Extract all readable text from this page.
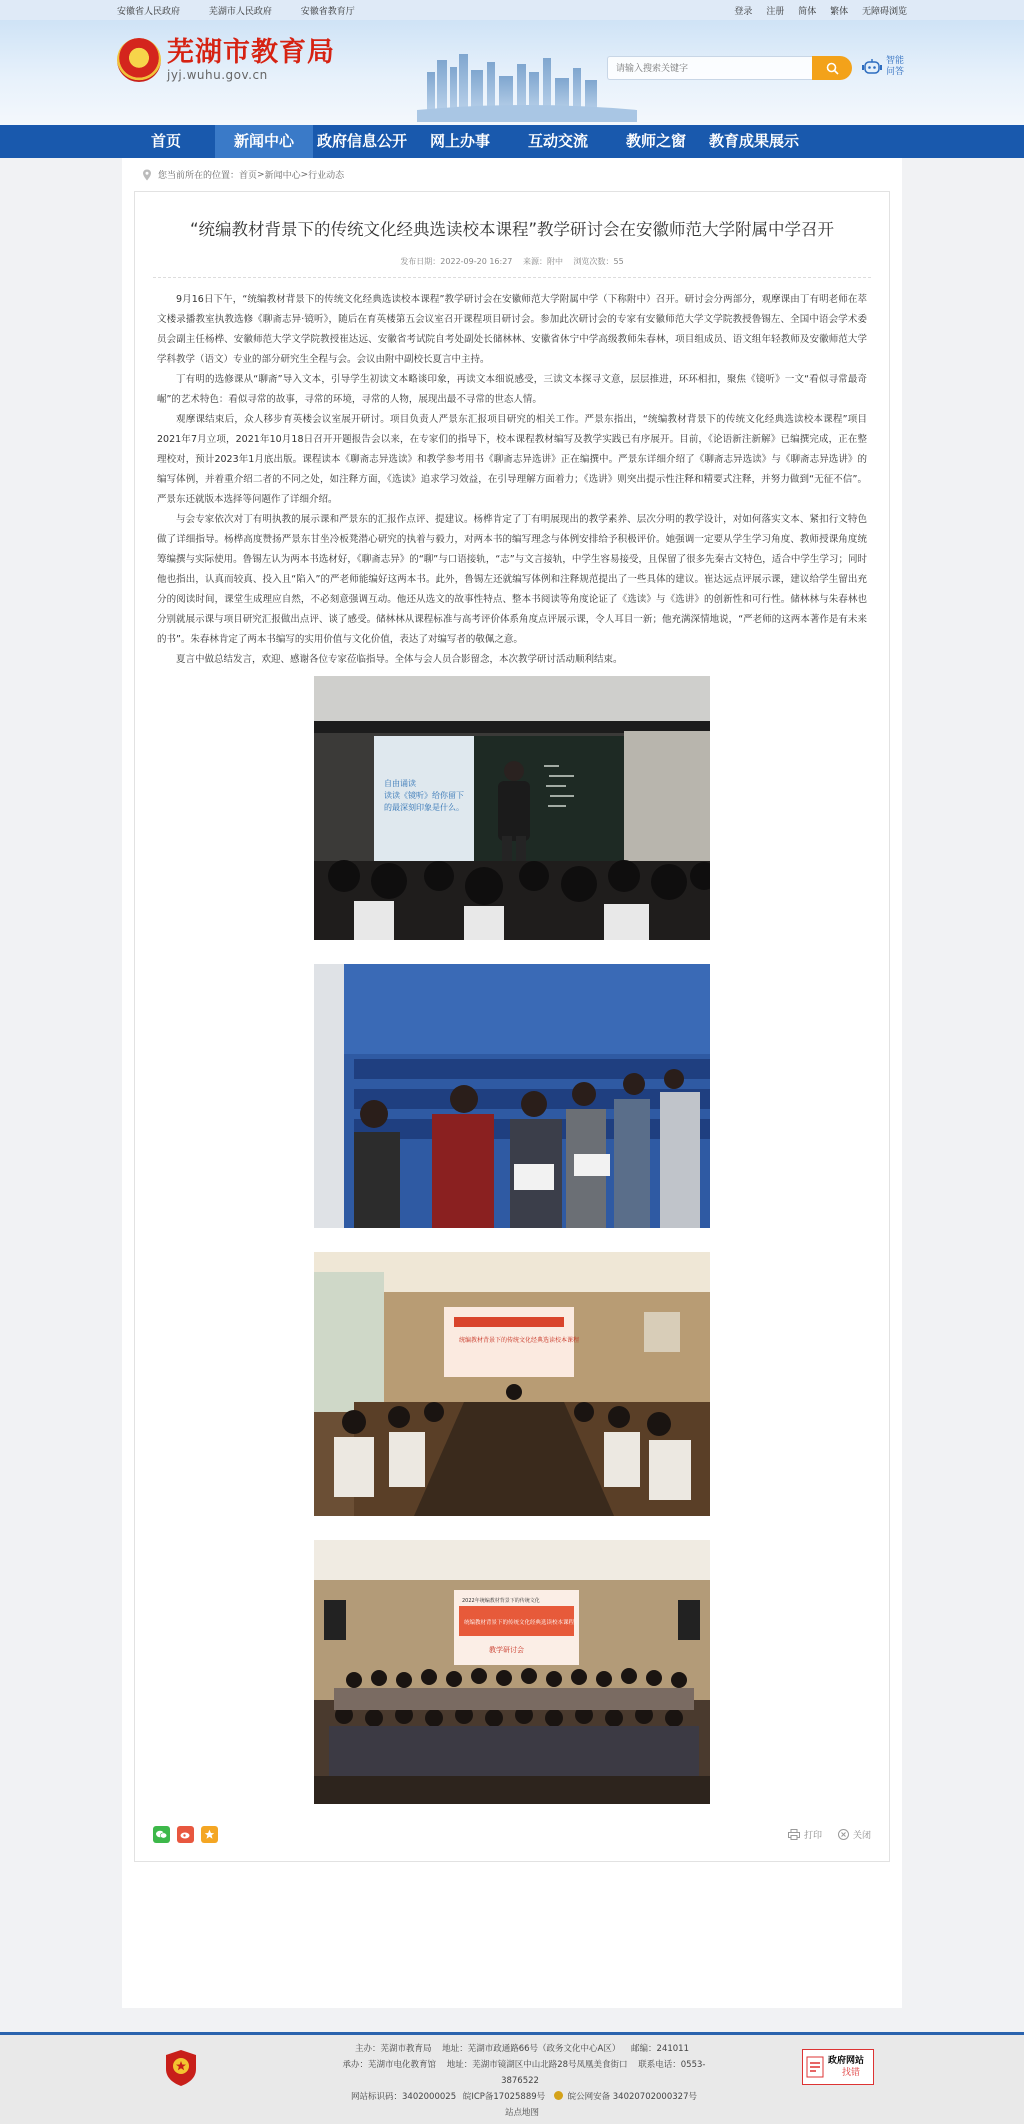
安徽省人民政府	芜湖市人民政府	安徽省教育厅	登录 注册 简体 繁体 无障碍浏览
★
芜湖市教育局
jyj.wuhu.gov.cn
请输入搜索关键字
智能
问答
首页	新闻中心	政府信息公开	网上办事	互动交流	教师之窗	教育成果展示
您当前所在的位置： 首页 > 新闻中心 > 行业动态
“统编教材背景下的传统文化经典选读校本课程”教学研讨会在安徽师范大学附属中学召开
发布日期：2022-09-20 16:27 来源：附中 浏览次数：55

9月16日下午，“统编教材背景下的传统文化经典选读校本课程”教学研讨会在安徽师范大学附属中学（下称附中）召开。研讨会分两部分，观摩课由丁有明老师在萃文楼录播教室执教选修《聊斋志异·镜听》，随后在育英楼第五会议室召开课程项目研讨会。参加此次研讨会的专家有安徽师范大学文学院教授鲁锡左、全国中语会学术委员会副主任杨桦、安徽师范大学文学院教授崔达远、安徽省考试院自考处副处长储林林、安徽省休宁中学高级教师朱春林，项目组成员、语文组年轻教师及安徽师范大学学科教学（语文）专业的部分研究生全程与会。会议由附中副校长夏言中主持。

丁有明的选修课从“聊斋”导入文本，引导学生初读文本略谈印象，再读文本细说感受，三读文本探寻文意，层层推进，环环相扣，聚焦《镜听》一文“看似寻常最奇崛”的艺术特色：看似寻常的故事，寻常的环境，寻常的人物，展现出最不寻常的世态人情。

观摩课结束后，众人移步育英楼会议室展开研讨。项目负责人严景东汇报项目研究的相关工作。严景东指出，“统编教材背景下的传统文化经典选读校本课程”项目2021年7月立项，2021年10月18日召开开题报告会以来，在专家们的指导下，校本课程教材编写及教学实践已有序展开。目前，《论语新注新解》已编撰完成，正在整理校对，预计2023年1月底出版。课程读本《聊斋志异选读》和教学参考用书《聊斋志异选讲》正在编撰中。严景东详细介绍了《聊斋志异选读》与《聊斋志异选讲》的编写体例，并着重介绍二者的不同之处，如注释方面，《选读》追求学习效益，在引导理解方面着力；《选讲》则突出提示性注释和精要式注释，并努力做到“无征不信”。严景东还就版本选择等问题作了详细介绍。

与会专家依次对丁有明执教的展示课和严景东的汇报作点评、提建议。杨桦肯定了丁有明展现出的教学素养、层次分明的教学设计，对如何落实文本、紧扣行文特色做了详细指导。杨桦高度赞扬严景东甘坐冷板凳潜心研究的执着与毅力，对两本书的编写理念与体例安排给予积极评价。她强调一定要从学生学习角度、教师授课角度统筹编撰与实际使用。鲁锡左认为两本书选材好，《聊斋志异》的“聊”与口语接轨，“志”与文言接轨，中学生容易接受，且保留了很多先秦古文特色，适合中学生学习；同时他也指出，认真而较真、投入且“陷入”的严老师能编好这两本书。此外，鲁锡左还就编写体例和注释规范提出了一些具体的建议。崔达远点评展示课，建议给学生留出充分的阅读时间，课堂生成理应自然，不必刻意强调互动。他还从选文的故事性特点、整本书阅读等角度论证了《选读》与《选讲》的创新性和可行性。储林林与朱春林也分别就展示课与项目研究汇报做出点评、谈了感受。储林林从课程标准与高考评价体系角度点评展示课，令人耳目一新；他充满深情地说，“严老师的这两本著作是有未来的书”。朱春林肯定了两本书编写的实用价值与文化价值，表达了对编写者的敬佩之意。

夏言中做总结发言，欢迎、感谢各位专家莅临指导。全体与会人员合影留念，本次教学研讨活动顺利结束。

自由诵读
读读《镜听》给你留下
的最深刻印象是什么。
统编教材背景下的传统文化经典选读校本课程
2022年统编教材背景下的传统文化
统编教材背景下的传统文化经典选读校本课程
教学研讨会
打印	关闭
主办：芜湖市教育局 地址：芜湖市政通路66号（政务文化中心A区） 邮编：241011
承办：芜湖市电化教育馆 地址：芜湖市镜湖区中山北路28号凤凰美食街口 联系电话：0553-3876522
网站标识码：3402000025 皖ICP备17025889号	皖公网安备 34020702000327号
站点地图
政府网站
找错
